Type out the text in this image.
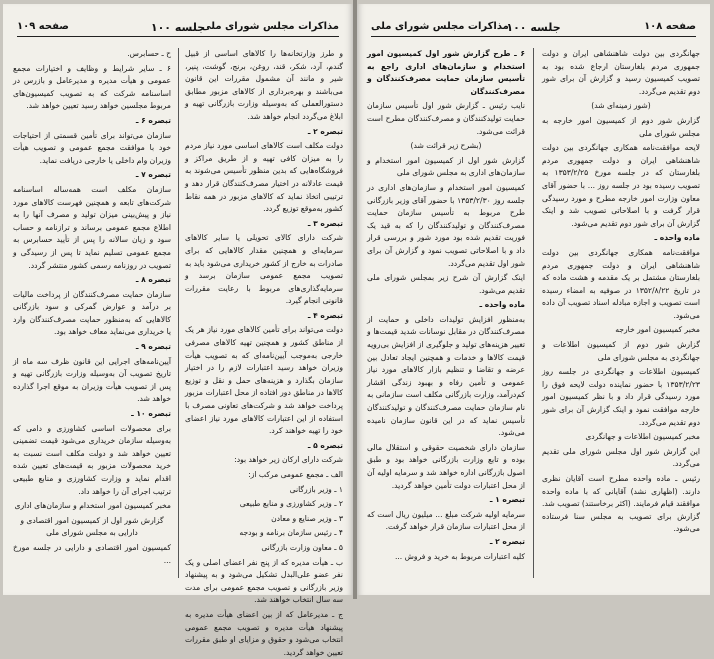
مذاکرات مجلس شورای ملی
جلسه ۱۰۰
صفحه ۱۰۹

و طرز وزارتخانه‌ها را کالاهای اساسی از قبیل گندم، آرد، شکر، قند، روغن، برنج، گوشت، پنیر، شیر و مانند آن مشمول مقررات این قانون می‌باشند و بهره‌برداری از کالاهای مزبور مطابق دستورالعملی که به‌وسیله وزارت بازرگانی تهیه و ابلاغ می‌گردد انجام خواهد شد.

تبصره ۲ ـ

دولت مکلف است کالاهای اساسی مورد نیاز مردم را به میزان کافی تهیه و از طریق مراکز و فروشگاه‌هایی که بدین منظور تأسیس می‌شوند به قیمت عادلانه در اختیار مصرف‌کنندگان قرار دهد و ترتیبی اتخاذ نماید که کالاهای مزبور در همه نقاط کشور به‌موقع توزیع گردد.

تبصره ۳ ـ

شرکت دارای کالای تحویلی یا سایر کالاهای سرمایه‌ای و همچنین مقدار کالاهایی که برای صادرات به خارج از کشور خریداری می‌شود باید به تصویب مجمع عمومی سازمان برسد و سرمایه‌گذاری‌های مربوط با رعایت مقررات قانونی انجام گیرد.

تبصره ۴ ـ

دولت می‌تواند برای تأمین کالاهای مورد نیاز هر یک از مناطق کشور و همچنین تهیه کالاهای مصرفی خارجی به‌موجب آیین‌نامه‌ای که به تصویب هیأت وزیران خواهد رسید اعتبارات لازم را در اختیار سازمان بگذارد و هزینه‌های حمل و نقل و توزیع کالاها در مناطق دور افتاده از محل اعتبارات مزبور پرداخت خواهد شد و شرکت‌های تعاونی مصرف با استفاده از این اعتبارات کالاهای مورد نیاز اعضای خود را تهیه خواهند کرد.

تبصره ۵ ـ

شرکت دارای ارکان زیر خواهد بود:

الف ـ مجمع عمومی مرکب از:

۱ ـ وزیر بازرگانی

۲ ـ وزیر کشاورزی و منابع طبیعی

۳ ـ وزیر صنایع و معادن

۴ ـ رئیس سازمان برنامه و بودجه

۵ ـ معاون وزارت بازرگانی

ب ـ هیأت مدیره که از پنج نفر اعضای اصلی و یک نفر عضو علی‌البدل تشکیل می‌شود و به پیشنهاد وزیر بازرگانی و تصویب مجمع عمومی برای مدت سه سال انتخاب خواهند شد.

ج ـ مدیرعامل که از بین اعضای هیأت مدیره به پیشنهاد هیأت مدیره و تصویب مجمع عمومی انتخاب می‌شود و حقوق و مزایای او طبق مقررات تعیین خواهد گردید.

ح ـ حسابرس.

۶ ـ سایر شرایط و وظایف و اختیارات مجمع عمومی و هیأت مدیره و مدیرعامل و بازرس در اساسنامه شرکت که به تصویب کمیسیون‌های مربوط مجلسین خواهد رسید تعیین خواهد شد.

تبصره ۶ ـ

سازمان می‌تواند برای تأمین قسمتی از احتیاجات خود با موافقت مجمع عمومی و تصویب هیأت وزیران وام داخلی یا خارجی دریافت نماید.

تبصره ۷ ـ

سازمان مکلف است همه‌ساله اساسنامه شرکت‌های تابعه و همچنین فهرست کالاهای مورد نیاز و پیش‌بینی میزان تولید و مصرف آنها را به اطلاع مجمع عمومی برساند و ترازنامه و حساب سود و زیان سالانه را پس از تأیید حسابرس به مجمع عمومی تسلیم نماید تا پس از رسیدگی و تصویب در روزنامه رسمی کشور منتشر گردد.

تبصره ۸ ـ

سازمان حمایت مصرف‌کنندگان از پرداخت مالیات بر درآمد و عوارض گمرکی و سود بازرگانی کالاهایی که به‌منظور حمایت مصرف‌کنندگان وارد یا خریداری می‌نماید معاف خواهد بود.

تبصره ۹ ـ

آیین‌نامه‌های اجرایی این قانون ظرف سه ماه از تاریخ تصویب آن به‌وسیله وزارت بازرگانی تهیه و پس از تصویب هیأت وزیران به موقع اجرا گذارده خواهد شد.

تبصره ۱۰ ـ

برای محصولات اساسی کشاورزی و دامی که به‌وسیله سازمان خریداری می‌شود قیمت تضمینی تعیین خواهد شد و دولت مکلف است نسبت به خرید محصولات مزبور به قیمت‌های تعیین شده اقدام نماید و وزارت کشاورزی و منابع طبیعی ترتیب اجرای آن را خواهد داد.

مخبر کمیسیون امور استخدام و سازمان‌های اداری

گزارش شور اول از کمیسیون امور اقتصادی و دارایی به مجلس شورای ملی

کمیسیون امور اقتصادی و دارایی در جلسه مورخ ...

صفحه ۱۰۸
جلسه ۱۰۰
مذاکرات مجلس شورای ملی

جهانگردی بین دولت شاهنشاهی ایران و دولت جمهوری مردم بلغارستان ارجاع شده بود به تصویب کمیسیون رسید و گزارش آن برای شور دوم تقدیم می‌گردد.

(شور زمینه‌ای شد)

گزارش شور دوم از کمیسیون امور خارجه به مجلس شورای ملی

لایحه موافقت‌نامه همکاری جهانگردی بین دولت شاهنشاهی ایران و دولت جمهوری مردم بلغارستان که در جلسه مورخ ۱۳۵۳/۲/۲۵ به تصویب رسیده بود در جلسه روز ... با حضور آقای معاون وزارت امور خارجه مطرح و مورد رسیدگی قرار گرفت و با اصلاحاتی تصویب شد و اینک گزارش آن برای شور دوم تقدیم می‌شود.

ماده واحده ـ

موافقت‌نامه همکاری جهانگردی بین دولت شاهنشاهی ایران و دولت جمهوری مردم بلغارستان مشتمل بر یک مقدمه و هشت ماده که در تاریخ ۱۳۵۲/۸/۲۲ در صوفیه به امضاء رسیده است تصویب و اجازه مبادله اسناد تصویب آن داده می‌شود.

مخبر کمیسیون امور خارجه

گزارش شور دوم از کمیسیون اطلاعات و جهانگردی به مجلس شورای ملی

کمیسیون اطلاعات و جهانگردی در جلسه روز ۱۳۵۳/۲/۲۳ با حضور نماینده دولت لایحه فوق را مورد رسیدگی قرار داد و با نظر کمیسیون امور خارجه موافقت نمود و اینک گزارش آن برای شور دوم تقدیم می‌گردد.

مخبر کمیسیون اطلاعات و جهانگردی

این گزارش شور اول مجلس شورای ملی تقدیم می‌گردد.

رئیس ـ ماده واحده مطرح است آقایان نظری دارند. (اظهاری نشد) آقایانی که با ماده واحده موافقند قیام فرمایند. (اکثر برخاستند) تصویب شد. گزارش برای تصویب به مجلس سنا فرستاده می‌شود.

۶ ـ طرح گزارش شور اول کمیسیون امور استخدام و سازمان‌های اداری راجع به تأسیس سازمان حمایت مصرف‌کنندگان و مصرف‌کنندگان

نایب رئیس ـ گزارش شور اول تأسیس سازمان حمایت تولیدکنندگان و مصرف‌کنندگان مطرح است قرائت می‌شود.

(بشرح زیر قرائت شد)

گزارش شور اول از کمیسیون امور استخدام و سازمان‌های اداری به مجلس شورای ملی

کمیسیون امور استخدام و سازمان‌های اداری در جلسه روز ۱۳۵۳/۲/۳۰ با حضور آقای وزیر بازرگانی طرح مربوط به تأسیس سازمان حمایت مصرف‌کنندگان و تولیدکنندگان را که به قید یک فوریت تقدیم شده بود مورد شور و بررسی قرار داد و با اصلاحاتی تصویب نمود و گزارش آن برای شور اول تقدیم می‌گردد.

اینک گزارش آن شرح زیر بمجلس شورای ملی تقدیم می‌شود.

ماده واحده ـ

به‌منظور افزایش تولیدات داخلی و حمایت از مصرف‌کنندگان در مقابل نوسانات شدید قیمت‌ها و تغییر هزینه‌های تولید و جلوگیری از افزایش بی‌رویه قیمت کالاها و خدمات و همچنین ایجاد تعادل بین عرضه و تقاضا و تنظیم بازار کالاهای مورد نیاز عمومی و تأمین رفاه و بهبود زندگی اقشار کم‌درآمد، وزارت بازرگانی مکلف است سازمانی به نام سازمان حمایت مصرف‌کنندگان و تولیدکنندگان تأسیس نماید که در این قانون سازمان نامیده می‌شود.

سازمان دارای شخصیت حقوقی و استقلال مالی بوده و تابع وزارت بازرگانی خواهد بود و طبق اصول بازرگانی اداره خواهد شد و سرمایه اولیه آن از محل اعتبارات دولت تأمین خواهد گردید.

تبصره ۱ ـ

سرمایه اولیه شرکت مبلغ ... میلیون ریال است که از محل اعتبارات سازمان قرار خواهد گرفت.

تبصره ۲ ـ

کلیه اعتبارات مربوط به خرید و فروش ...
